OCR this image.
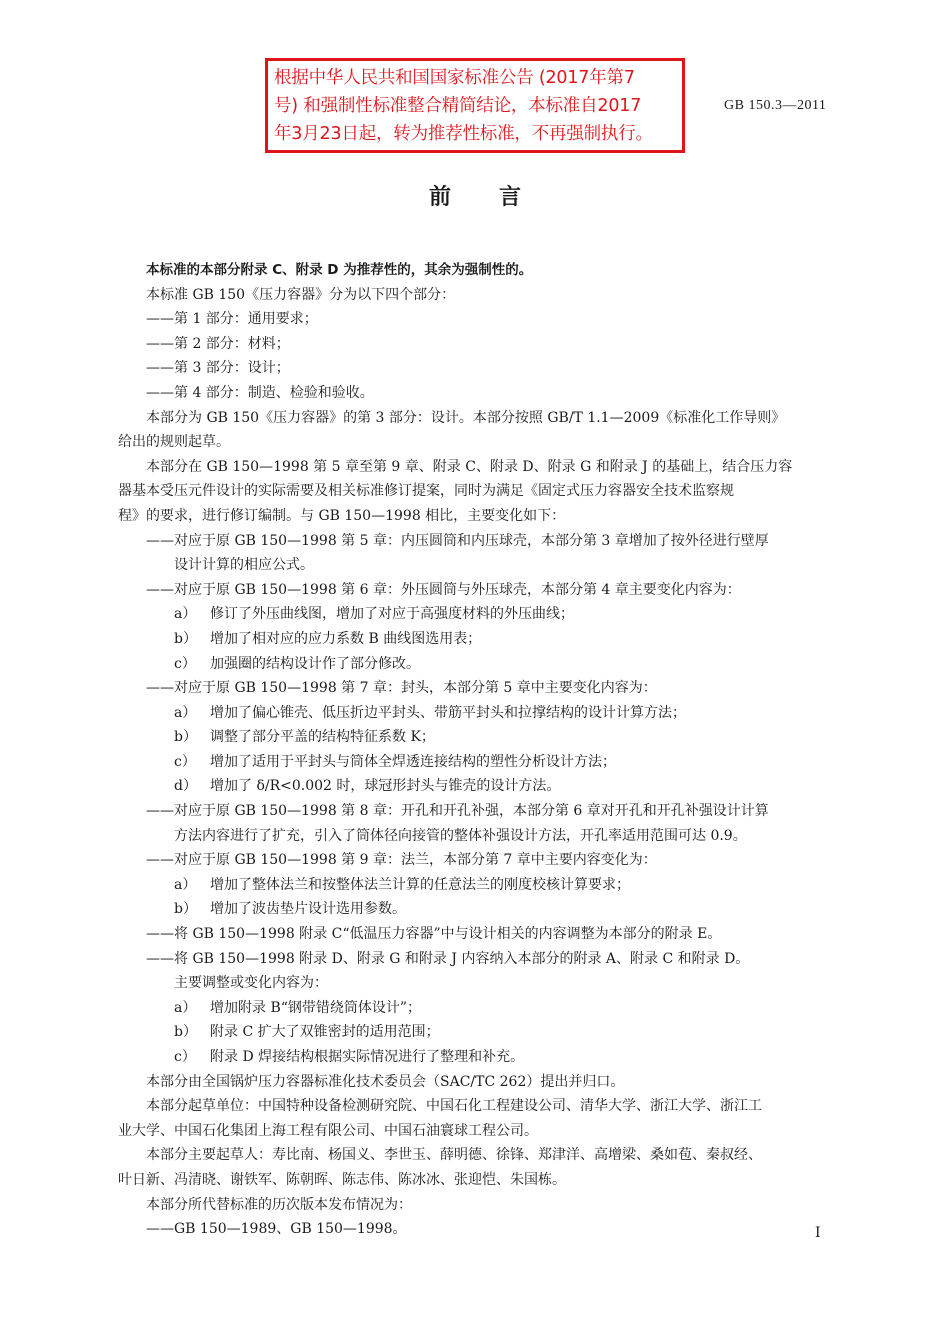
根据中华人民共和国国家标准公告 (2017年第7
号) 和强制性标准整合精简结论，本标准自2017
年3月23日起，转为推荐性标准，不再强制执行。
GB 150.3—2011
前言
本标准的本部分附录 C、附录 D 为推荐性的，其余为强制性的。
本标准 GB 150《压力容器》分为以下四个部分：
——第 1 部分：通用要求；
——第 2 部分：材料；
——第 3 部分：设计；
——第 4 部分：制造、检验和验收。
本部分为 GB 150《压力容器》的第 3 部分：设计。本部分按照 GB/T 1.1—2009《标准化工作导则》
给出的规则起草。
本部分在 GB 150—1998 第 5 章至第 9 章、附录 C、附录 D、附录 G 和附录 J 的基础上，结合压力容
器基本受压元件设计的实际需要及相关标准修订提案，同时为满足《固定式压力容器安全技术监察规
程》的要求，进行修订编制。与 GB 150—1998 相比，主要变化如下：
——对应于原 GB 150—1998 第 5 章：内压圆筒和内压球壳，本部分第 3 章增加了按外径进行壁厚
设计计算的相应公式。
——对应于原 GB 150—1998 第 6 章：外压圆筒与外压球壳，本部分第 4 章主要变化内容为：
a） 修订了外压曲线图，增加了对应于高强度材料的外压曲线；
b） 增加了相对应的应力系数 B 曲线图选用表；
c） 加强圈的结构设计作了部分修改。
——对应于原 GB 150—1998 第 7 章：封头，本部分第 5 章中主要变化内容为：
a） 增加了偏心锥壳、低压折边平封头、带筋平封头和拉撑结构的设计计算方法；
b） 调整了部分平盖的结构特征系数 K；
c） 增加了适用于平封头与筒体全焊透连接结构的塑性分析设计方法；
d） 增加了 δ/R<0.002 时，球冠形封头与锥壳的设计方法。
——对应于原 GB 150—1998 第 8 章：开孔和开孔补强，本部分第 6 章对开孔和开孔补强设计计算
方法内容进行了扩充，引入了筒体径向接管的整体补强设计方法，开孔率适用范围可达 0.9。
——对应于原 GB 150—1998 第 9 章：法兰，本部分第 7 章中主要内容变化为：
a） 增加了整体法兰和按整体法兰计算的任意法兰的刚度校核计算要求；
b） 增加了波齿垫片设计选用参数。
——将 GB 150—1998 附录 C“低温压力容器”中与设计相关的内容调整为本部分的附录 E。
——将 GB 150—1998 附录 D、附录 G 和附录 J 内容纳入本部分的附录 A、附录 C 和附录 D。
主要调整或变化内容为：
a） 增加附录 B“钢带错绕筒体设计”；
b） 附录 C 扩大了双锥密封的适用范围；
c） 附录 D 焊接结构根据实际情况进行了整理和补充。
本部分由全国锅炉压力容器标准化技术委员会（SAC/TC 262）提出并归口。
本部分起草单位：中国特种设备检测研究院、中国石化工程建设公司、清华大学、浙江大学、浙江工
业大学、中国石化集团上海工程有限公司、中国石油寰球工程公司。
本部分主要起草人：寿比南、杨国义、李世玉、薛明德、徐锋、郑津洋、高增梁、桑如苞、秦叔经、
叶日新、冯清晓、谢铁军、陈朝晖、陈志伟、陈冰冰、张迎恺、朱国栋。
本部分所代替标准的历次版本发布情况为：
——GB 150—1989、GB 150—1998。	I
